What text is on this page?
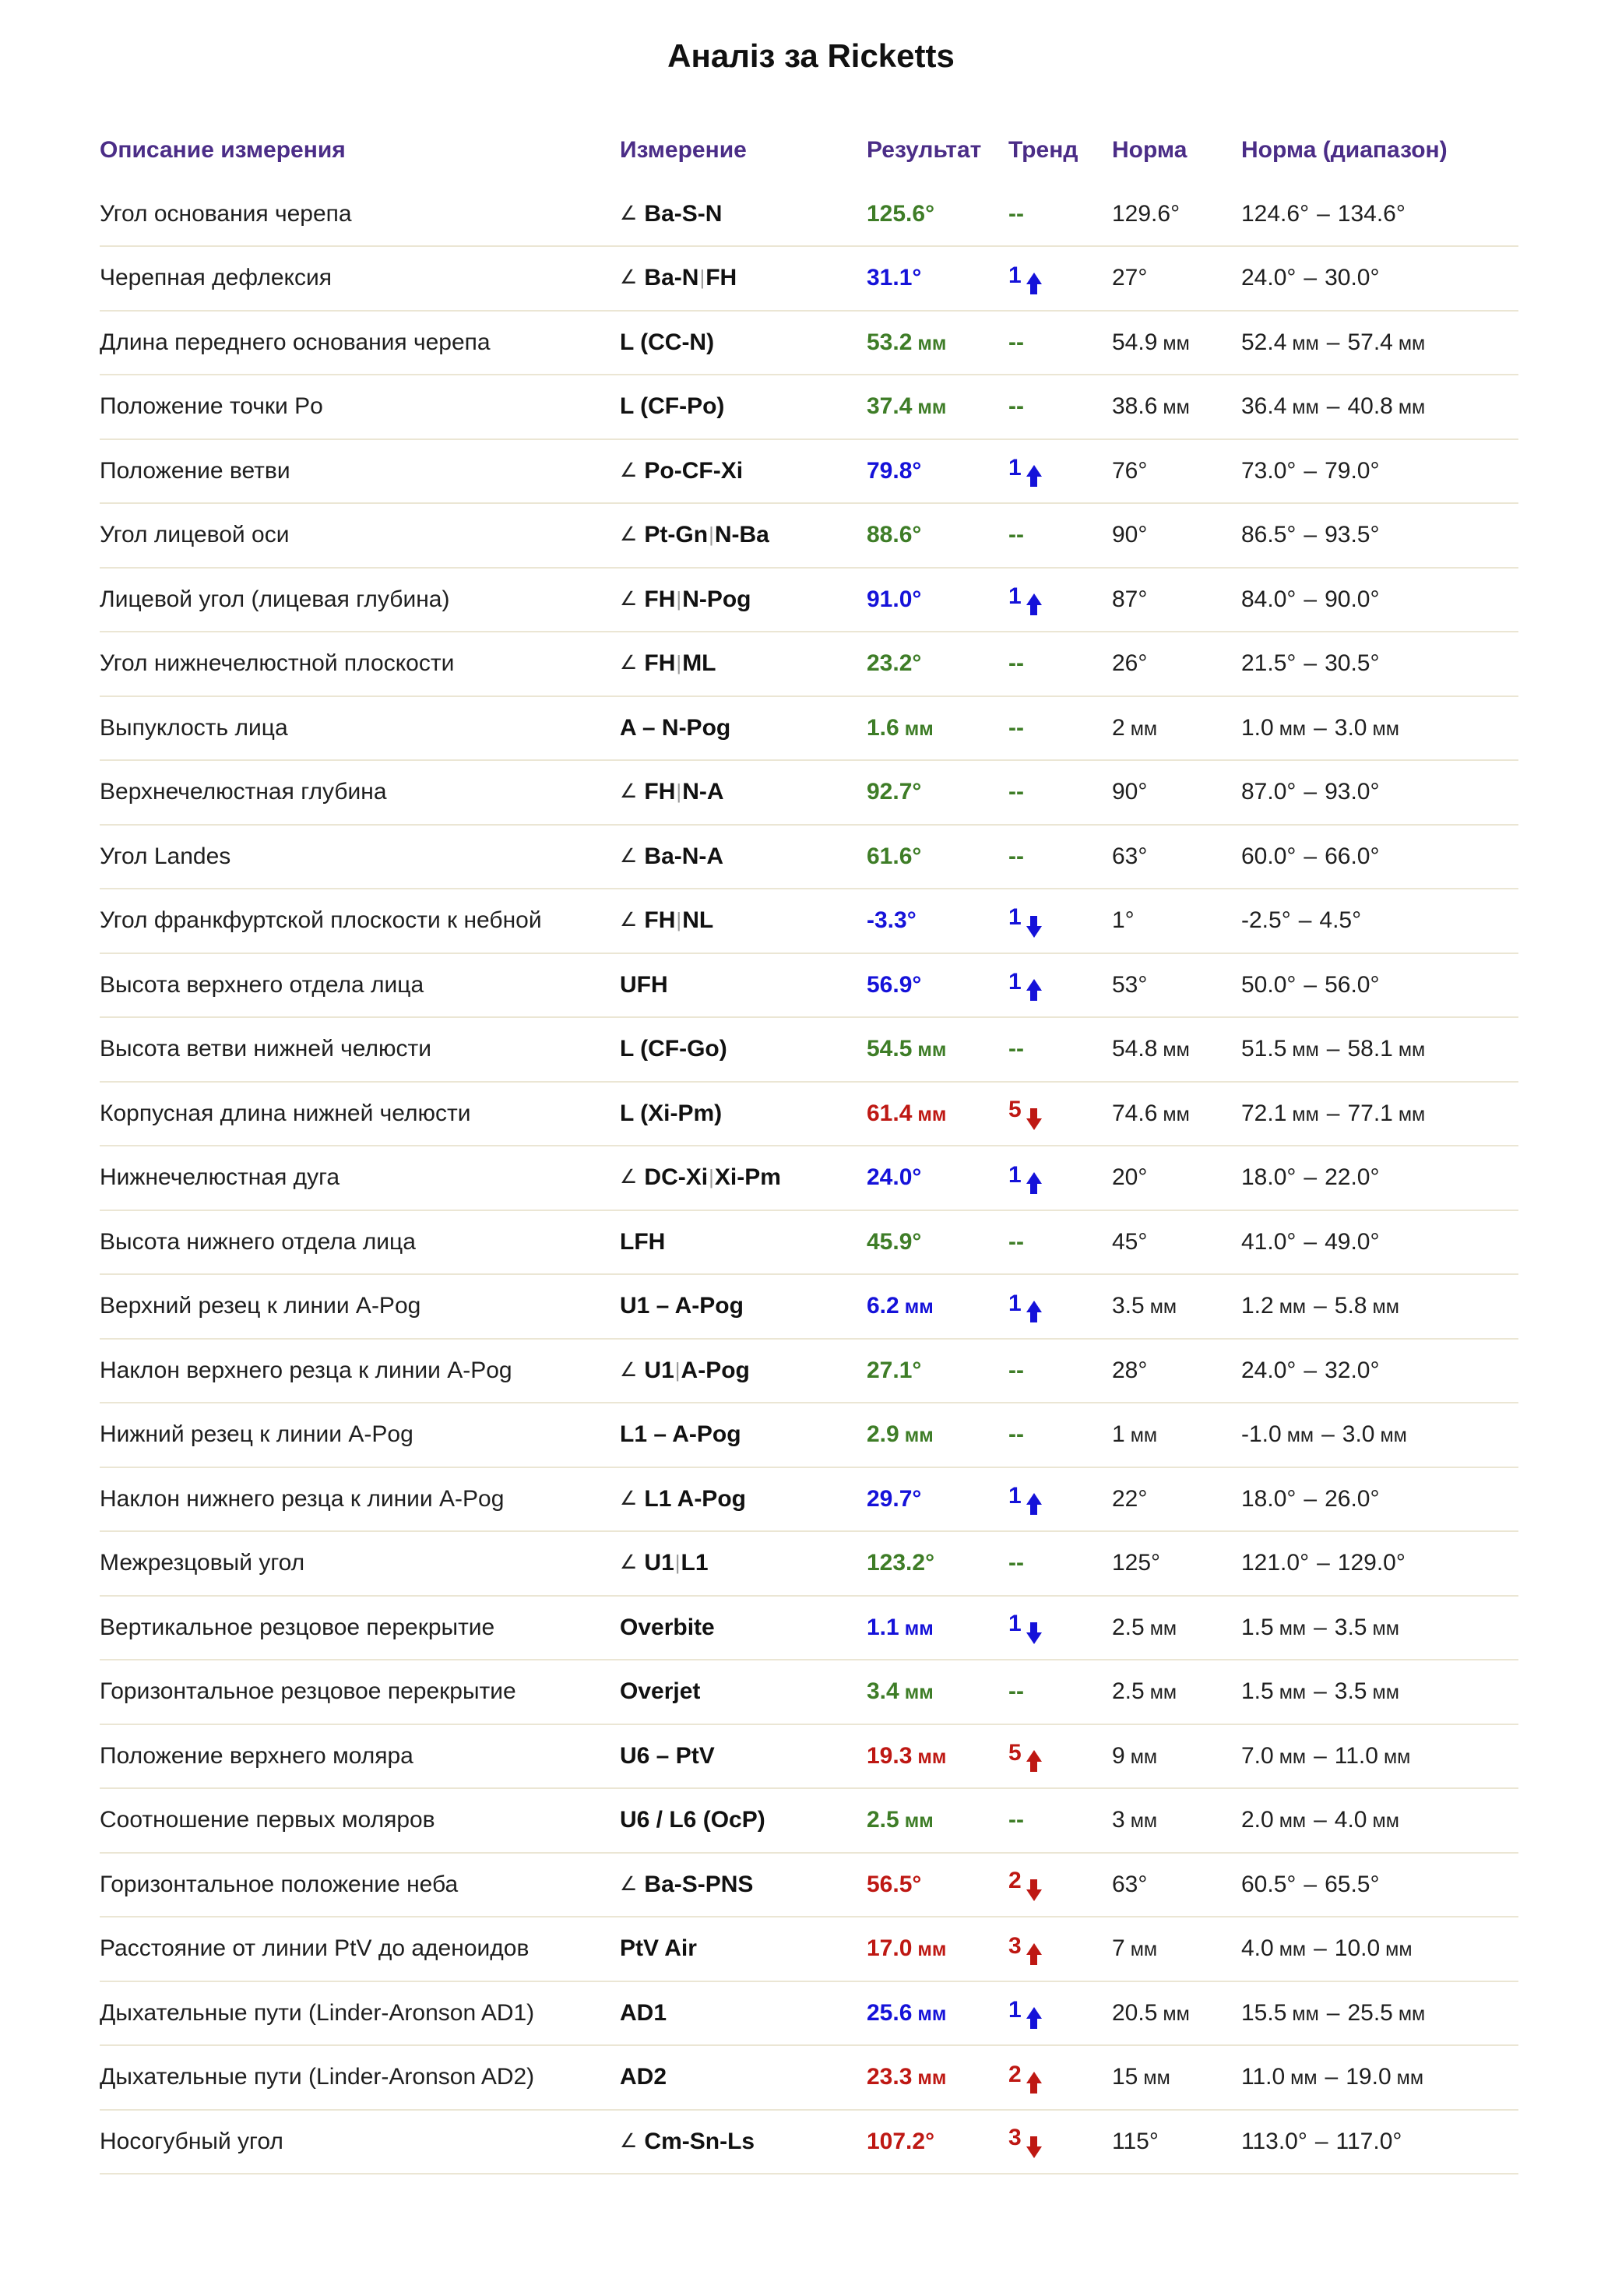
Аналіз за Ricketts
Описание измерения	Измерение	Результат	Тренд	Норма	Норма (диапазон)
Угол основания черепа	∠ Ba-S-N	125.6°	--	129.6°	124.6° – 134.6°
Черепная дефлексия	∠ Ba-N|FH	31.1°	1	27°	24.0° – 30.0°
Длина переднего основания черепа	L (CC-N)	53.2 мм	--	54.9 мм	52.4 мм – 57.4 мм
Положение точки Po	L (CF-Po)	37.4 мм	--	38.6 мм	36.4 мм – 40.8 мм
Положение ветви	∠ Po-CF-Xi	79.8°	1	76°	73.0° – 79.0°
Угол лицевой оси	∠ Pt-Gn|N-Ba	88.6°	--	90°	86.5° – 93.5°
Лицевой угол (лицевая глубина)	∠ FH|N-Pog	91.0°	1	87°	84.0° – 90.0°
Угол нижнечелюстной плоскости	∠ FH|ML	23.2°	--	26°	21.5° – 30.5°
Выпуклость лица	A – N-Pog	1.6 мм	--	2 мм	1.0 мм – 3.0 мм
Верхнечелюстная глубина	∠ FH|N-A	92.7°	--	90°	87.0° – 93.0°
Угол Landes	∠ Ba-N-A	61.6°	--	63°	60.0° – 66.0°
Угол франкфуртской плоскости к небной	∠ FH|NL	-3.3°	1	1°	-2.5° – 4.5°
Высота верхнего отдела лица	UFH	56.9°	1	53°	50.0° – 56.0°
Высота ветви нижней челюсти	L (CF-Go)	54.5 мм	--	54.8 мм	51.5 мм – 58.1 мм
Корпусная длина нижней челюсти	L (Xi-Pm)	61.4 мм	5	74.6 мм	72.1 мм – 77.1 мм
Нижнечелюстная дуга	∠ DC-Xi|Xi-Pm	24.0°	1	20°	18.0° – 22.0°
Высота нижнего отдела лица	LFH	45.9°	--	45°	41.0° – 49.0°
Верхний резец к линии A-Pog	U1 – A-Pog	6.2 мм	1	3.5 мм	1.2 мм – 5.8 мм
Наклон верхнего резца к линии A-Pog	∠ U1|A-Pog	27.1°	--	28°	24.0° – 32.0°
Нижний резец к линии A-Pog	L1 – A-Pog	2.9 мм	--	1 мм	-1.0 мм – 3.0 мм
Наклон нижнего резца к линии A-Pog	∠ L1 A-Pog	29.7°	1	22°	18.0° – 26.0°
Межрезцовый угол	∠ U1|L1	123.2°	--	125°	121.0° – 129.0°
Вертикальное резцовое перекрытие	Overbite	1.1 мм	1	2.5 мм	1.5 мм – 3.5 мм
Горизонтальное резцовое перекрытие	Overjet	3.4 мм	--	2.5 мм	1.5 мм – 3.5 мм
Положение верхнего моляра	U6 – PtV	19.3 мм	5	9 мм	7.0 мм – 11.0 мм
Соотношение первых моляров	U6 / L6 (OcP)	2.5 мм	--	3 мм	2.0 мм – 4.0 мм
Горизонтальное положение неба	∠ Ba-S-PNS	56.5°	2	63°	60.5° – 65.5°
Расстояние от линии PtV до аденоидов	PtV Air	17.0 мм	3	7 мм	4.0 мм – 10.0 мм
Дыхательные пути (Linder-Aronson AD1)	AD1	25.6 мм	1	20.5 мм	15.5 мм – 25.5 мм
Дыхательные пути (Linder-Aronson AD2)	AD2	23.3 мм	2	15 мм	11.0 мм – 19.0 мм
Носогубный угол	∠ Cm-Sn-Ls	107.2°	3	115°	113.0° – 117.0°
